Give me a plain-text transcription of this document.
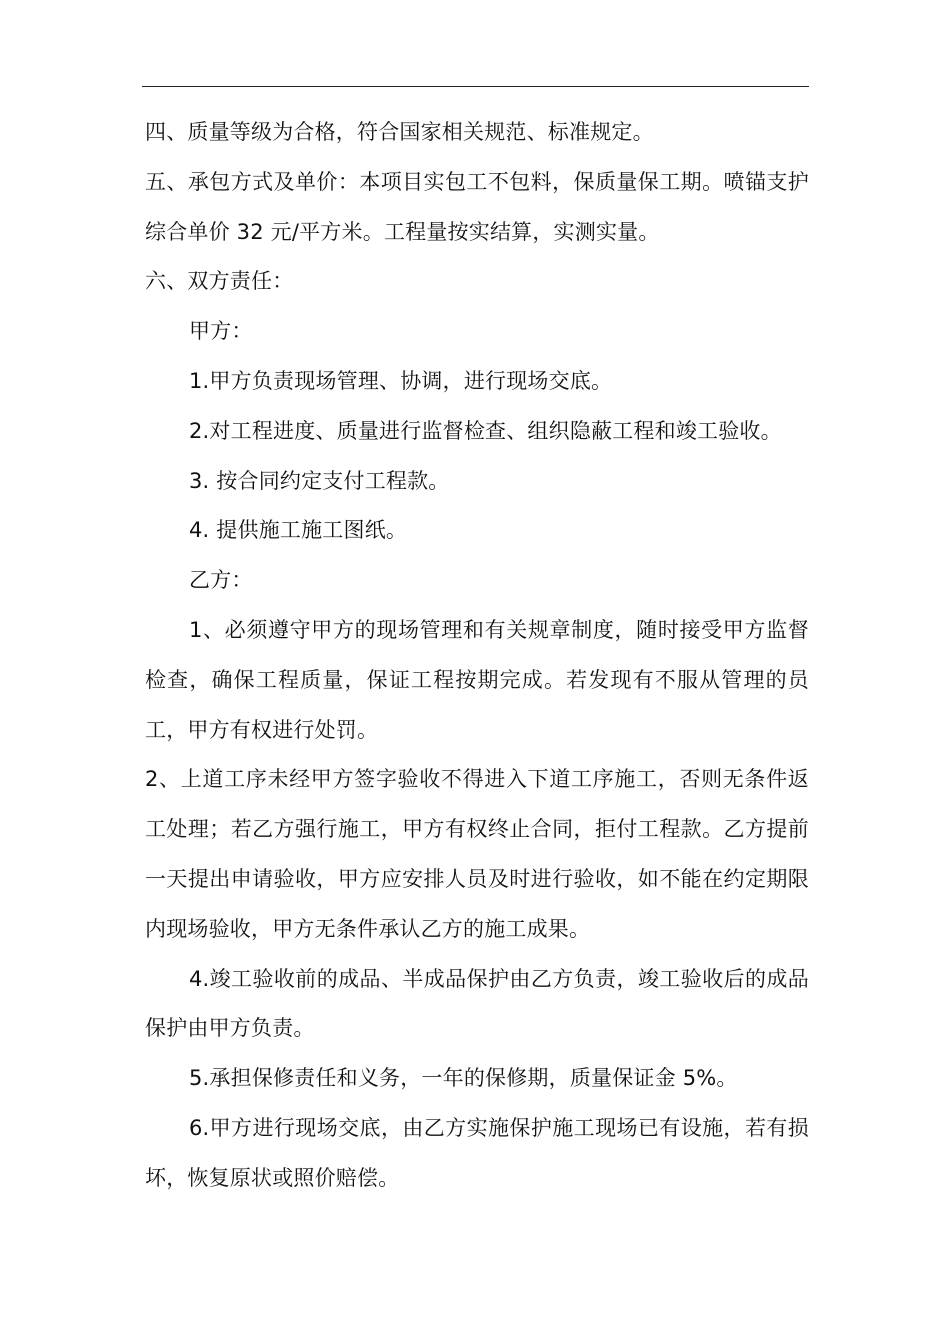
四、质量等级为合格，符合国家相关规范、标准规定。

五、承包方式及单价：本项目实包工不包料，保质量保工期。喷锚支护综合单价 32 元/平方米。工程量按实结算，实测实量。

六、双方责任：

甲方：

1.甲方负责现场管理、协调，进行现场交底。

2.对工程进度、质量进行监督检查、组织隐蔽工程和竣工验收。

3. 按合同约定支付工程款。

4. 提供施工施工图纸。

乙方：

1、必须遵守甲方的现场管理和有关规章制度，随时接受甲方监督检查，确保工程质量，保证工程按期完成。若发现有不服从管理的员工，甲方有权进行处罚。

2、上道工序未经甲方签字验收不得进入下道工序施工，否则无条件返工处理；若乙方强行施工，甲方有权终止合同，拒付工程款。乙方提前一天提出申请验收，甲方应安排人员及时进行验收，如不能在约定期限内现场验收，甲方无条件承认乙方的施工成果。

4.竣工验收前的成品、半成品保护由乙方负责，竣工验收后的成品保护由甲方负责。

5.承担保修责任和义务，一年的保修期，质量保证金 5%。

6.甲方进行现场交底，由乙方实施保护施工现场已有设施，若有损坏，恢复原状或照价赔偿。
